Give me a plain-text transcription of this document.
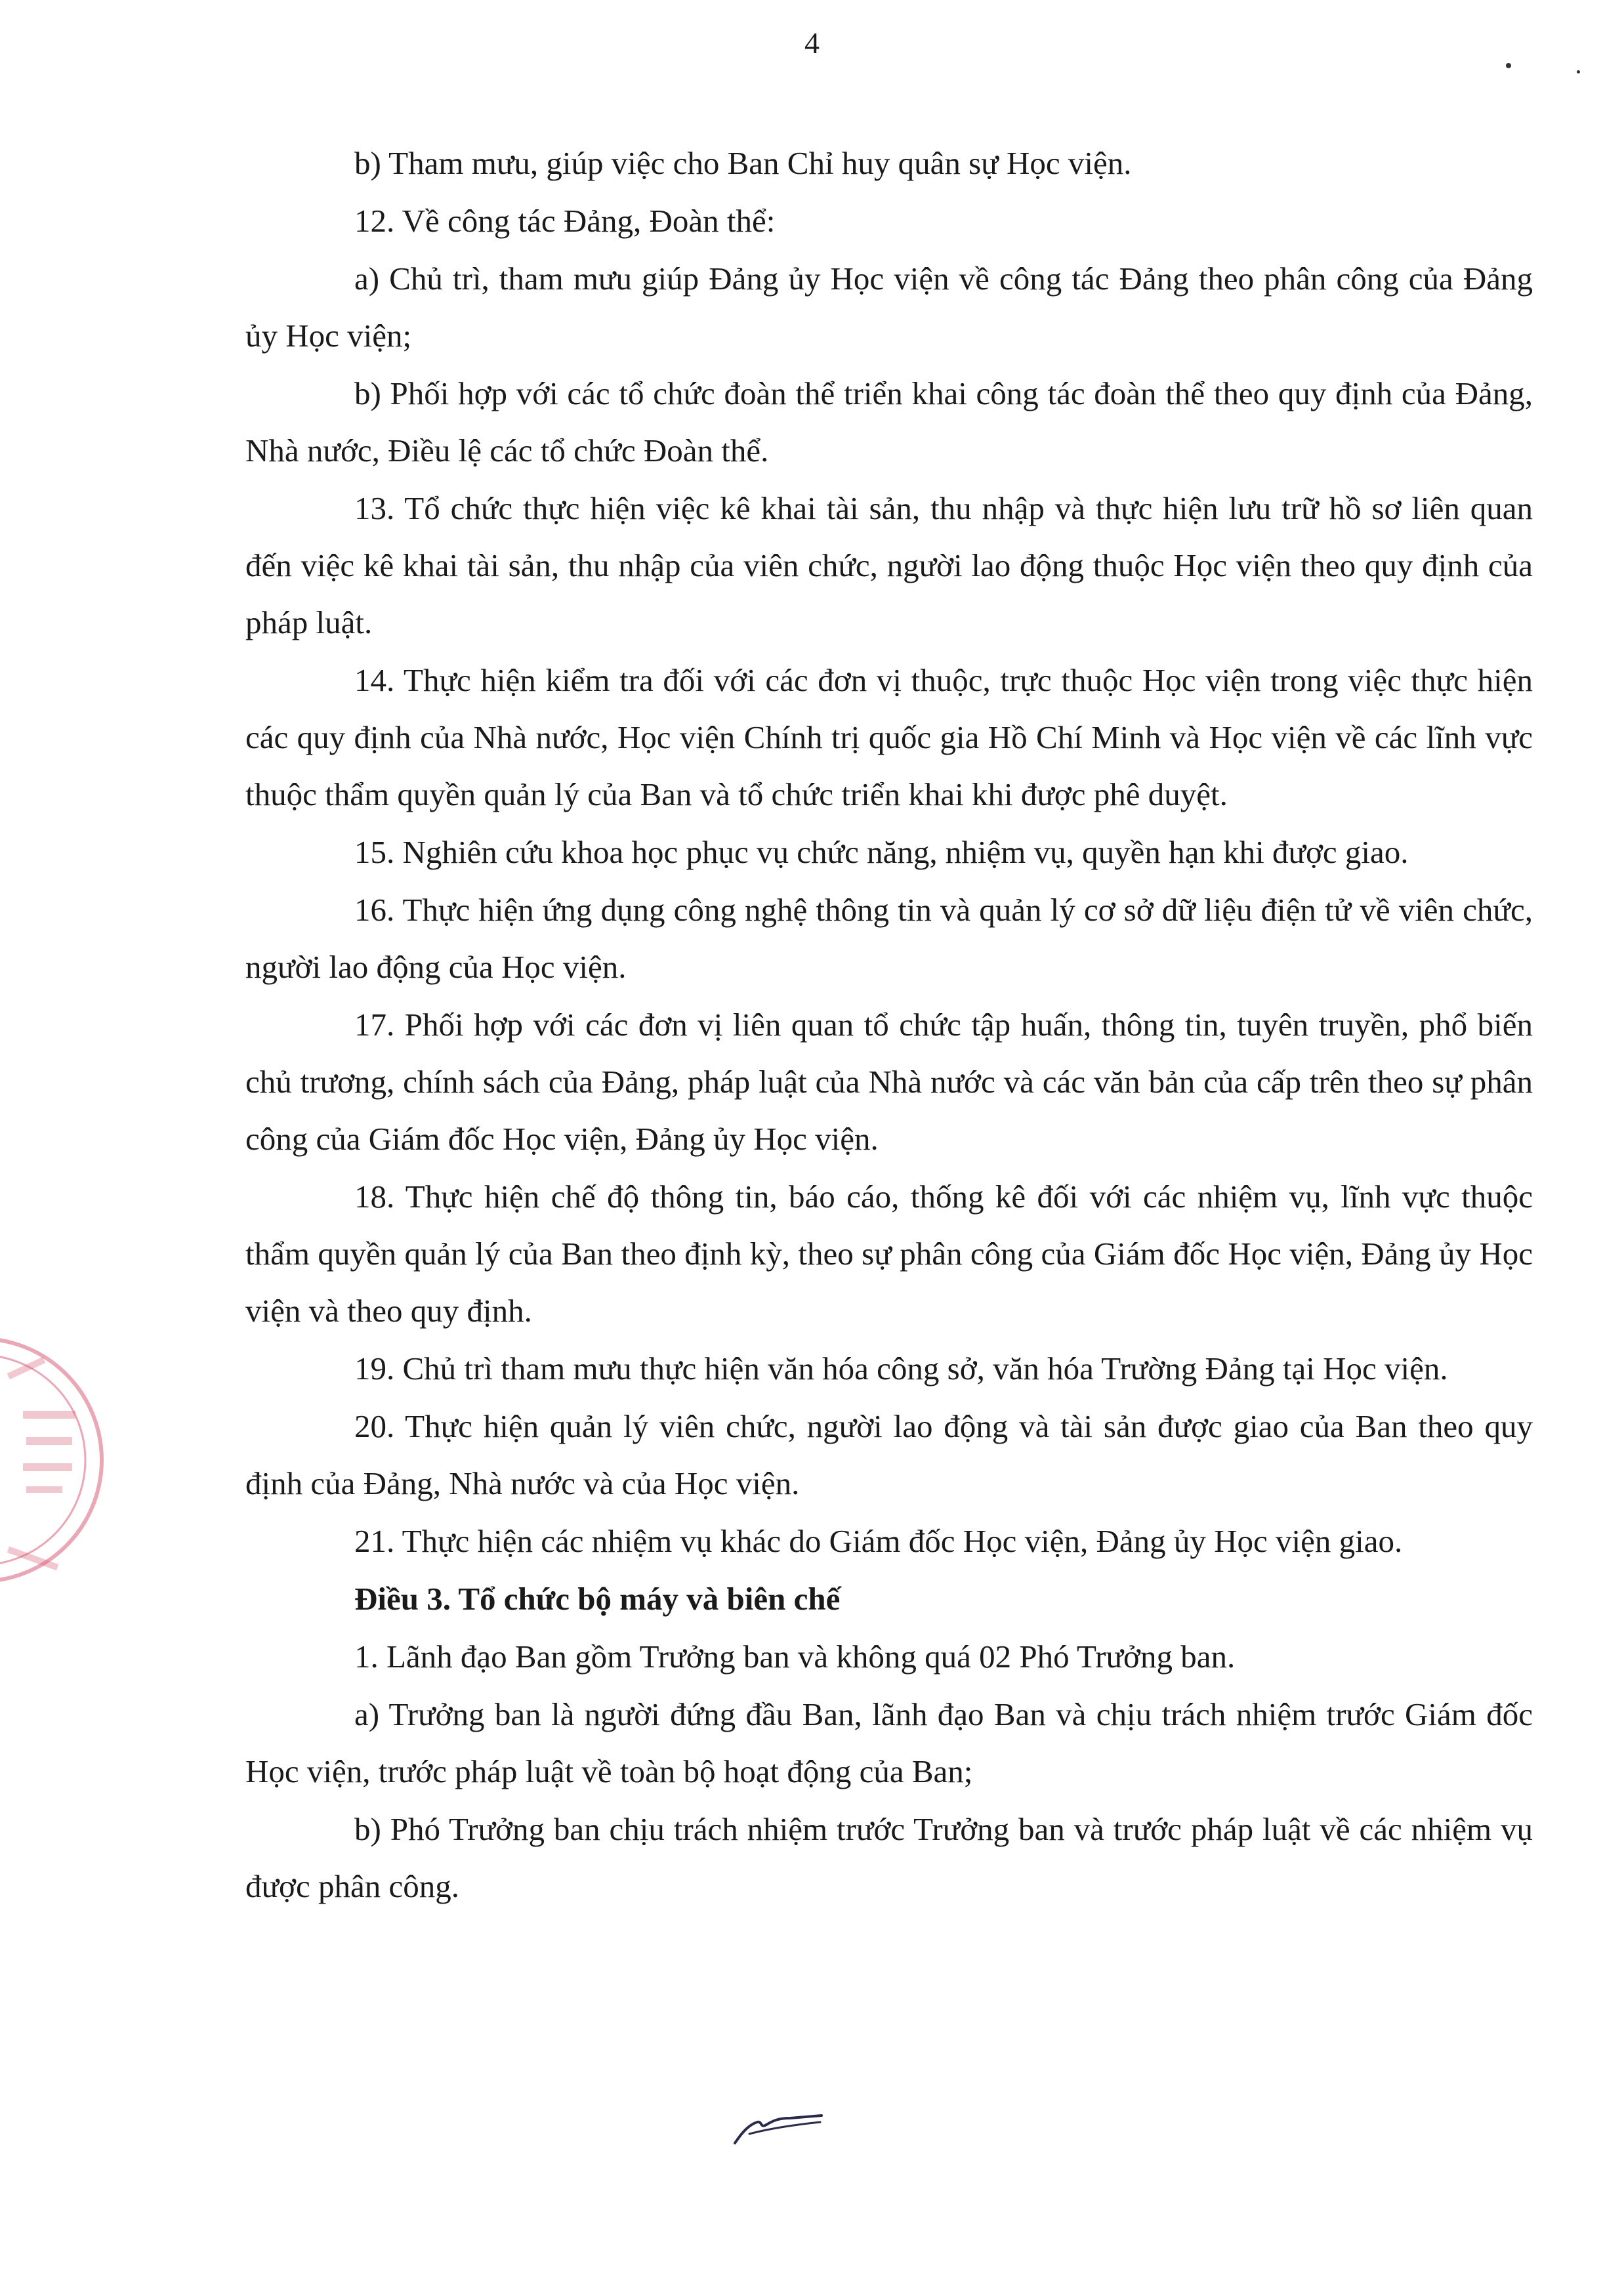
4

b) Tham mưu, giúp việc cho Ban Chỉ huy quân sự Học viện.

12. Về công tác Đảng, Đoàn thể:

a) Chủ trì, tham mưu giúp Đảng ủy Học viện về công tác Đảng theo phân công của Đảng ủy Học viện;

b) Phối hợp với các tổ chức đoàn thể triển khai công tác đoàn thể theo quy định của Đảng, Nhà nước, Điều lệ các tổ chức Đoàn thể.

13. Tổ chức thực hiện việc kê khai tài sản, thu nhập và thực hiện lưu trữ hồ sơ liên quan đến việc kê khai tài sản, thu nhập của viên chức, người lao động thuộc Học viện theo quy định của pháp luật.

14. Thực hiện kiểm tra đối với các đơn vị thuộc, trực thuộc Học viện trong việc thực hiện các quy định của Nhà nước, Học viện Chính trị quốc gia Hồ Chí Minh và Học viện về các lĩnh vực thuộc thẩm quyền quản lý của Ban và tổ chức triển khai khi được phê duyệt.

15. Nghiên cứu khoa học phục vụ chức năng, nhiệm vụ, quyền hạn khi được giao.

16. Thực hiện ứng dụng công nghệ thông tin và quản lý cơ sở dữ liệu điện tử về viên chức, người lao động của Học viện.

17. Phối hợp với các đơn vị liên quan tổ chức tập huấn, thông tin, tuyên truyền, phổ biến chủ trương, chính sách của Đảng, pháp luật của Nhà nước và các văn bản của cấp trên theo sự phân công của Giám đốc Học viện, Đảng ủy Học viện.

18. Thực hiện chế độ thông tin, báo cáo, thống kê đối với các nhiệm vụ, lĩnh vực thuộc thẩm quyền quản lý của Ban theo định kỳ, theo sự phân công của Giám đốc Học viện, Đảng ủy Học viện và theo quy định.

19. Chủ trì tham mưu thực hiện văn hóa công sở, văn hóa Trường Đảng tại Học viện.

20. Thực hiện quản lý viên chức, người lao động và tài sản được giao của Ban theo quy định của Đảng, Nhà nước và của Học viện.

21. Thực hiện các nhiệm vụ khác do Giám đốc Học viện, Đảng ủy Học viện giao.

Điều 3. Tổ chức bộ máy và biên chế

1. Lãnh đạo Ban gồm Trưởng ban và không quá 02 Phó Trưởng ban.

a) Trưởng ban là người đứng đầu Ban, lãnh đạo Ban và chịu trách nhiệm trước Giám đốc Học viện, trước pháp luật về toàn bộ hoạt động của Ban;

b) Phó Trưởng ban chịu trách nhiệm trước Trưởng ban và trước pháp luật về các nhiệm vụ được phân công.
